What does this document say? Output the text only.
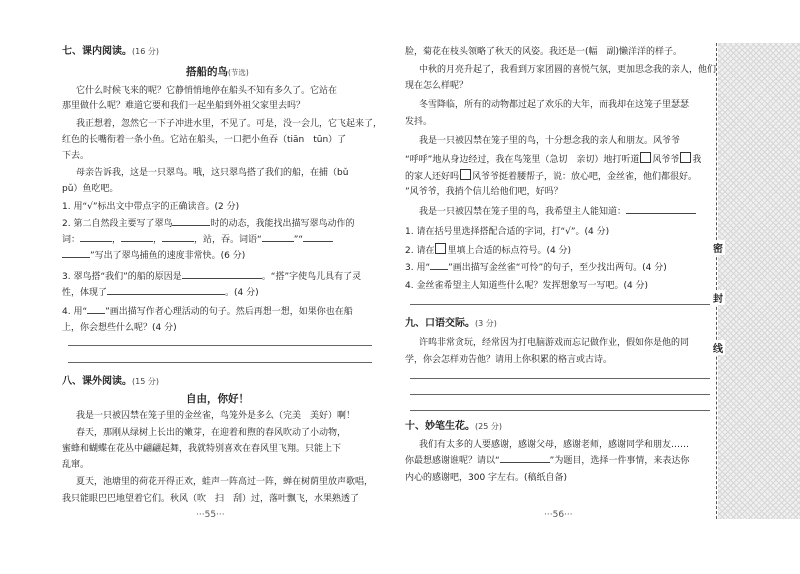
七、课内阅读。(16 分)
搭船的鸟(节选)
它什么时候飞来的呢？它静悄悄地停在船头不知有多久了。它站在
那里做什么呢？难道它要和我们一起坐船到外祖父家里去吗？
我正想着，忽然它一下子冲进水里，不见了。可是，没一会儿，它飞起来了，
红色的长嘴衔着一条小鱼。它站在船头，一口把小鱼吞（tiān　tūn）了
下去。
母亲告诉我，这是一只翠鸟。哦，这只翠鸟搭了我们的船，在捕（bǔ
pǔ）鱼吃吧。
1. 用“√”标出文中带点字的正确读音。(2 分)
2. 第二自然段主要写了翠鸟	时的动态，我能找出描写翠鸟动作的
词：	，	，	，站，吞。词语“	”“
”写出了翠鸟捕鱼的速度非常快。(6 分)
3. 翠鸟搭“我们”的船的原因是	。“搭”字使鸟儿具有了灵
性，体现了	。(4 分)
4. 用“ ”画出描写作者心理活动的句子。然后再想一想，如果你也在船
上，你会想些什么呢？(4 分)
八、课外阅读。(15 分)
自由，你好！
我是一只被囚禁在笼子里的金丝雀，鸟笼外是多么（完美　美好）啊！
春天，那刚从绿树上长出的嫩芽，在迎着和煦的春风吹动了小动物，
蜜蜂和蝴蝶在花丛中翩翩起舞，我就特别喜欢在春风里飞翔。只能上下
乱窜。
夏天，池塘里的荷花开得正欢，蛙声一阵高过一阵，蝉在树荫里放声歌唱，
我只能眼巴巴地望着它们。秋风（吹　扫　刮）过，落叶飘飞，水果熟透了
···55···
脸，菊花在枝头领略了秋天的风姿。我还是一(幅　副)懒洋洋的样子。
中秋的月亮升起了，我看到万家团圆的喜悦气氛，更加思念我的亲人，他们
现在怎么样呢？
冬雪降临，所有的动物都过起了欢乐的大年，而我却在这笼子里瑟瑟
发抖。
我是一只被囚禁在笼子里的鸟，十分想念我的亲人和朋友。风爷爷
“呼呼”地从身边经过，我在鸟笼里（急切　亲切）地打听道 风爷爷 我
的家人还好吗 风爷爷挺着腰帮子，说：放心吧，金丝雀，他们都很好。
”风爷爷，我捎个信儿给他们吧，好吗？
我是一只被囚禁在笼子里的鸟，我希望主人能知道：
1. 请在括号里选择搭配合适的字词，打“√”。(4 分)
2. 请在 里填上合适的标点符号。(4 分)
3. 用“ ”画出描写金丝雀“可怜”的句子，至少找出两句。(4 分)
4. 金丝雀希望主人知道些什么呢？发挥想象写一写吧。(4 分)
九、口语交际。(3 分)
许鸣非常贪玩，经常因为打电脑游戏而忘记做作业，假如你是他的同
学，你会怎样劝告他？请用上你积累的格言或古诗。
十、妙笔生花。(25 分)
我们有太多的人要感谢，感谢父母，感谢老师，感谢同学和朋友……
你最想感谢谁呢？请以“	”为题目，选择一件事情，来表达你
内心的感谢吧，300 字左右。(稿纸自备)
···56···
密
封
线
